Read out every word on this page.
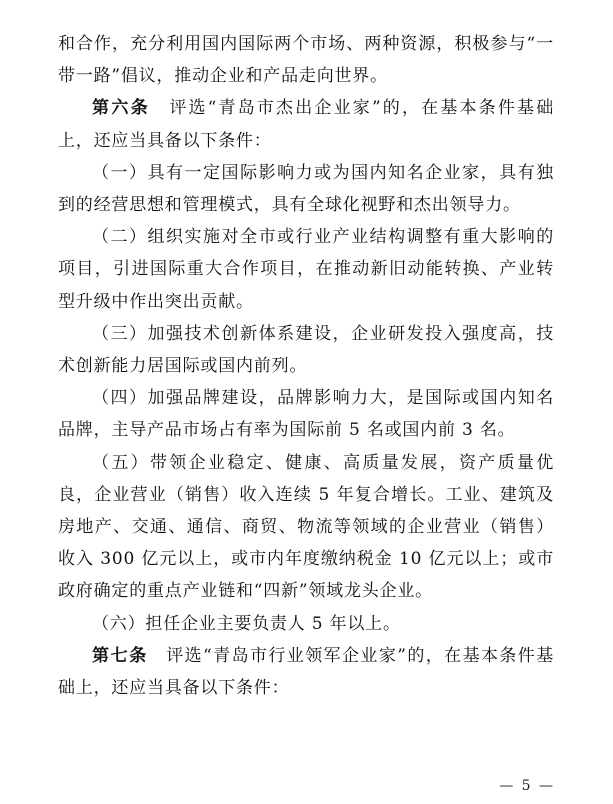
和合作，充分利用国内国际两个市场、两种资源，积极参与“一带一路”倡议，推动企业和产品走向世界。

第六条　评选“青岛市杰出企业家”的，在基本条件基础上，还应当具备以下条件：

（一）具有一定国际影响力或为国内知名企业家，具有独到的经营思想和管理模式，具有全球化视野和杰出领导力。

（二）组织实施对全市或行业产业结构调整有重大影响的项目，引进国际重大合作项目，在推动新旧动能转换、产业转型升级中作出突出贡献。

（三）加强技术创新体系建设，企业研发投入强度高，技术创新能力居国际或国内前列。

（四）加强品牌建设，品牌影响力大，是国际或国内知名品牌，主导产品市场占有率为国际前 5 名或国内前 3 名。

（五）带领企业稳定、健康、高质量发展，资产质量优良，企业营业（销售）收入连续 5 年复合增长。工业、建筑及房地产、交通、通信、商贸、物流等领域的企业营业（销售）收入 300 亿元以上，或市内年度缴纳税金 10 亿元以上；或市政府确定的重点产业链和“四新”领域龙头企业。

（六）担任企业主要负责人 5 年以上。

第七条　评选“青岛市行业领军企业家”的，在基本条件基础上，还应当具备以下条件：

— 5 —
